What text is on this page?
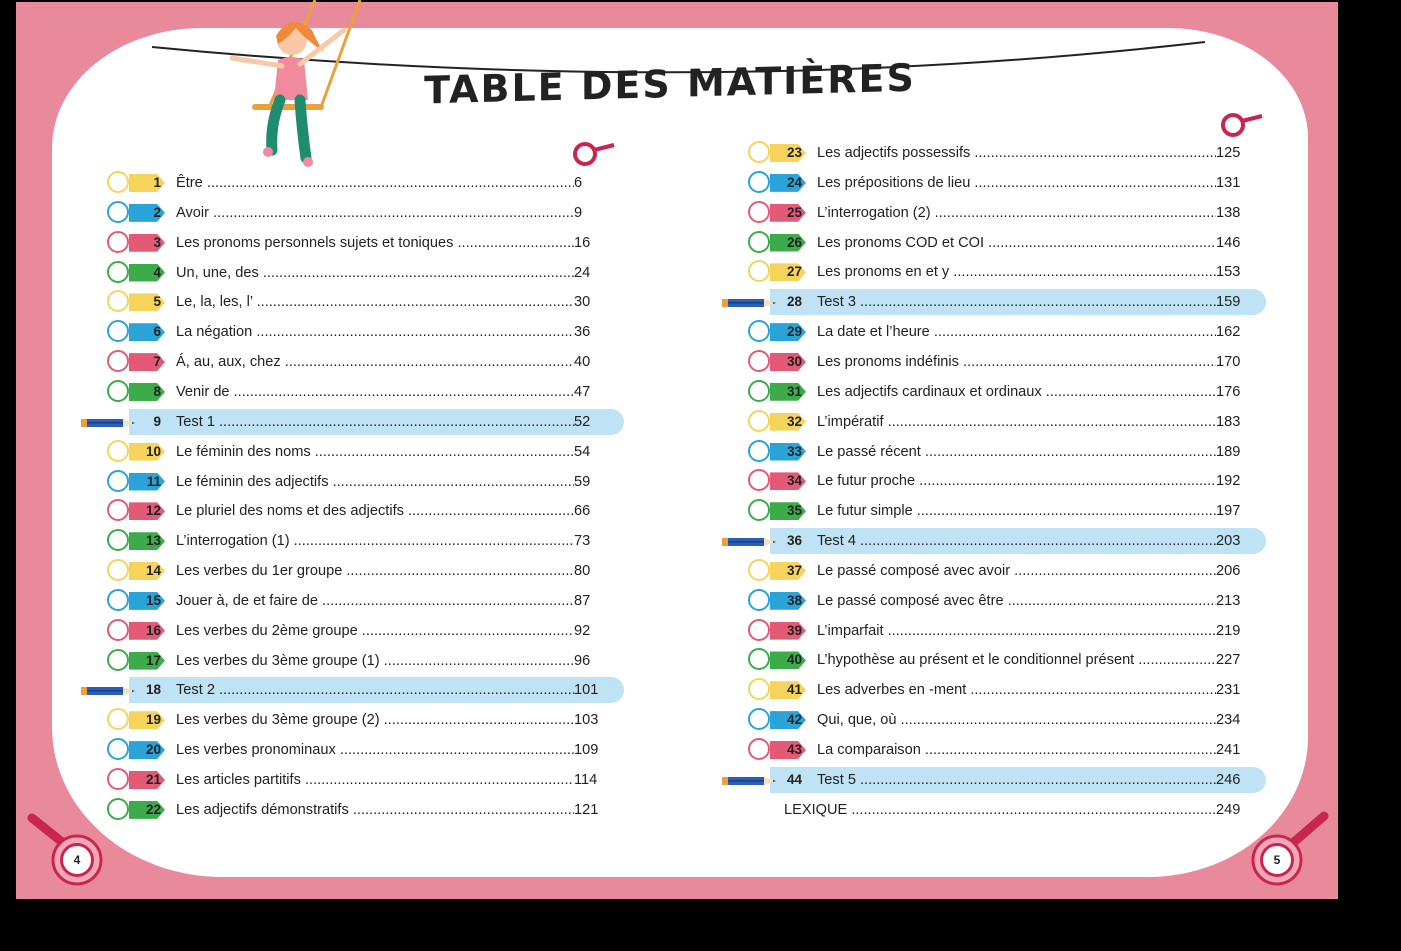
TABLE DES MATIÈRES
1 Être .....	6
2 Avoir .....	9
3 Les pronoms personnels sujets et toniques .....	16
4 Un, une, des .....	24
5 Le, la, les, l’ .....	30
6 La négation .....	36
7 Á, au, aux, chez .....	40
8 Venir de .....	47
9 Test 1 .....	52
10 Le féminin des noms .....	54
11 Le féminin des adjectifs .....	59
12 Le pluriel des noms et des adjectifs .....	66
13 L’interrogation (1) .....	73
14 Les verbes du 1er groupe .....	80
15 Jouer à, de et faire de .....	87
16 Les verbes du 2ème groupe .....	92
17 Les verbes du 3ème groupe (1) .....	96
18 Test 2 .....	101
19 Les verbes du 3ème groupe (2) .....	103
20 Les verbes pronominaux .....	109
21 Les articles partitifs .....	114
22 Les adjectifs démonstratifs .....	121
23 Les adjectifs possessifs .....	125
24 Les prépositions de lieu .....	131
25 L’interrogation (2) .....	138
26 Les pronoms COD et COI .....	146
27 Les pronoms en et y .....	153
28 Test 3 .....	159
29 La date et l’heure .....	162
30 Les pronoms indéfinis .....	170
31 Les adjectifs cardinaux et ordinaux .....	176
32 L’impératif .....	183
33 Le passé récent .....	189
34 Le futur proche .....	192
35 Le futur simple .....	197
36 Test 4 .....	203
37 Le passé composé avec avoir .....	206
38 Le passé composé avec être .....	213
39 L’imparfait .....	219
40 L’hypothèse au présent et le conditionnel présent .....	227
41 Les adverbes en -ment .....	231
42 Qui, que, où .....	234
43 La comparaison .....	241
44 Test 5 .....	246
LEXIQUE .....	249
4	5
